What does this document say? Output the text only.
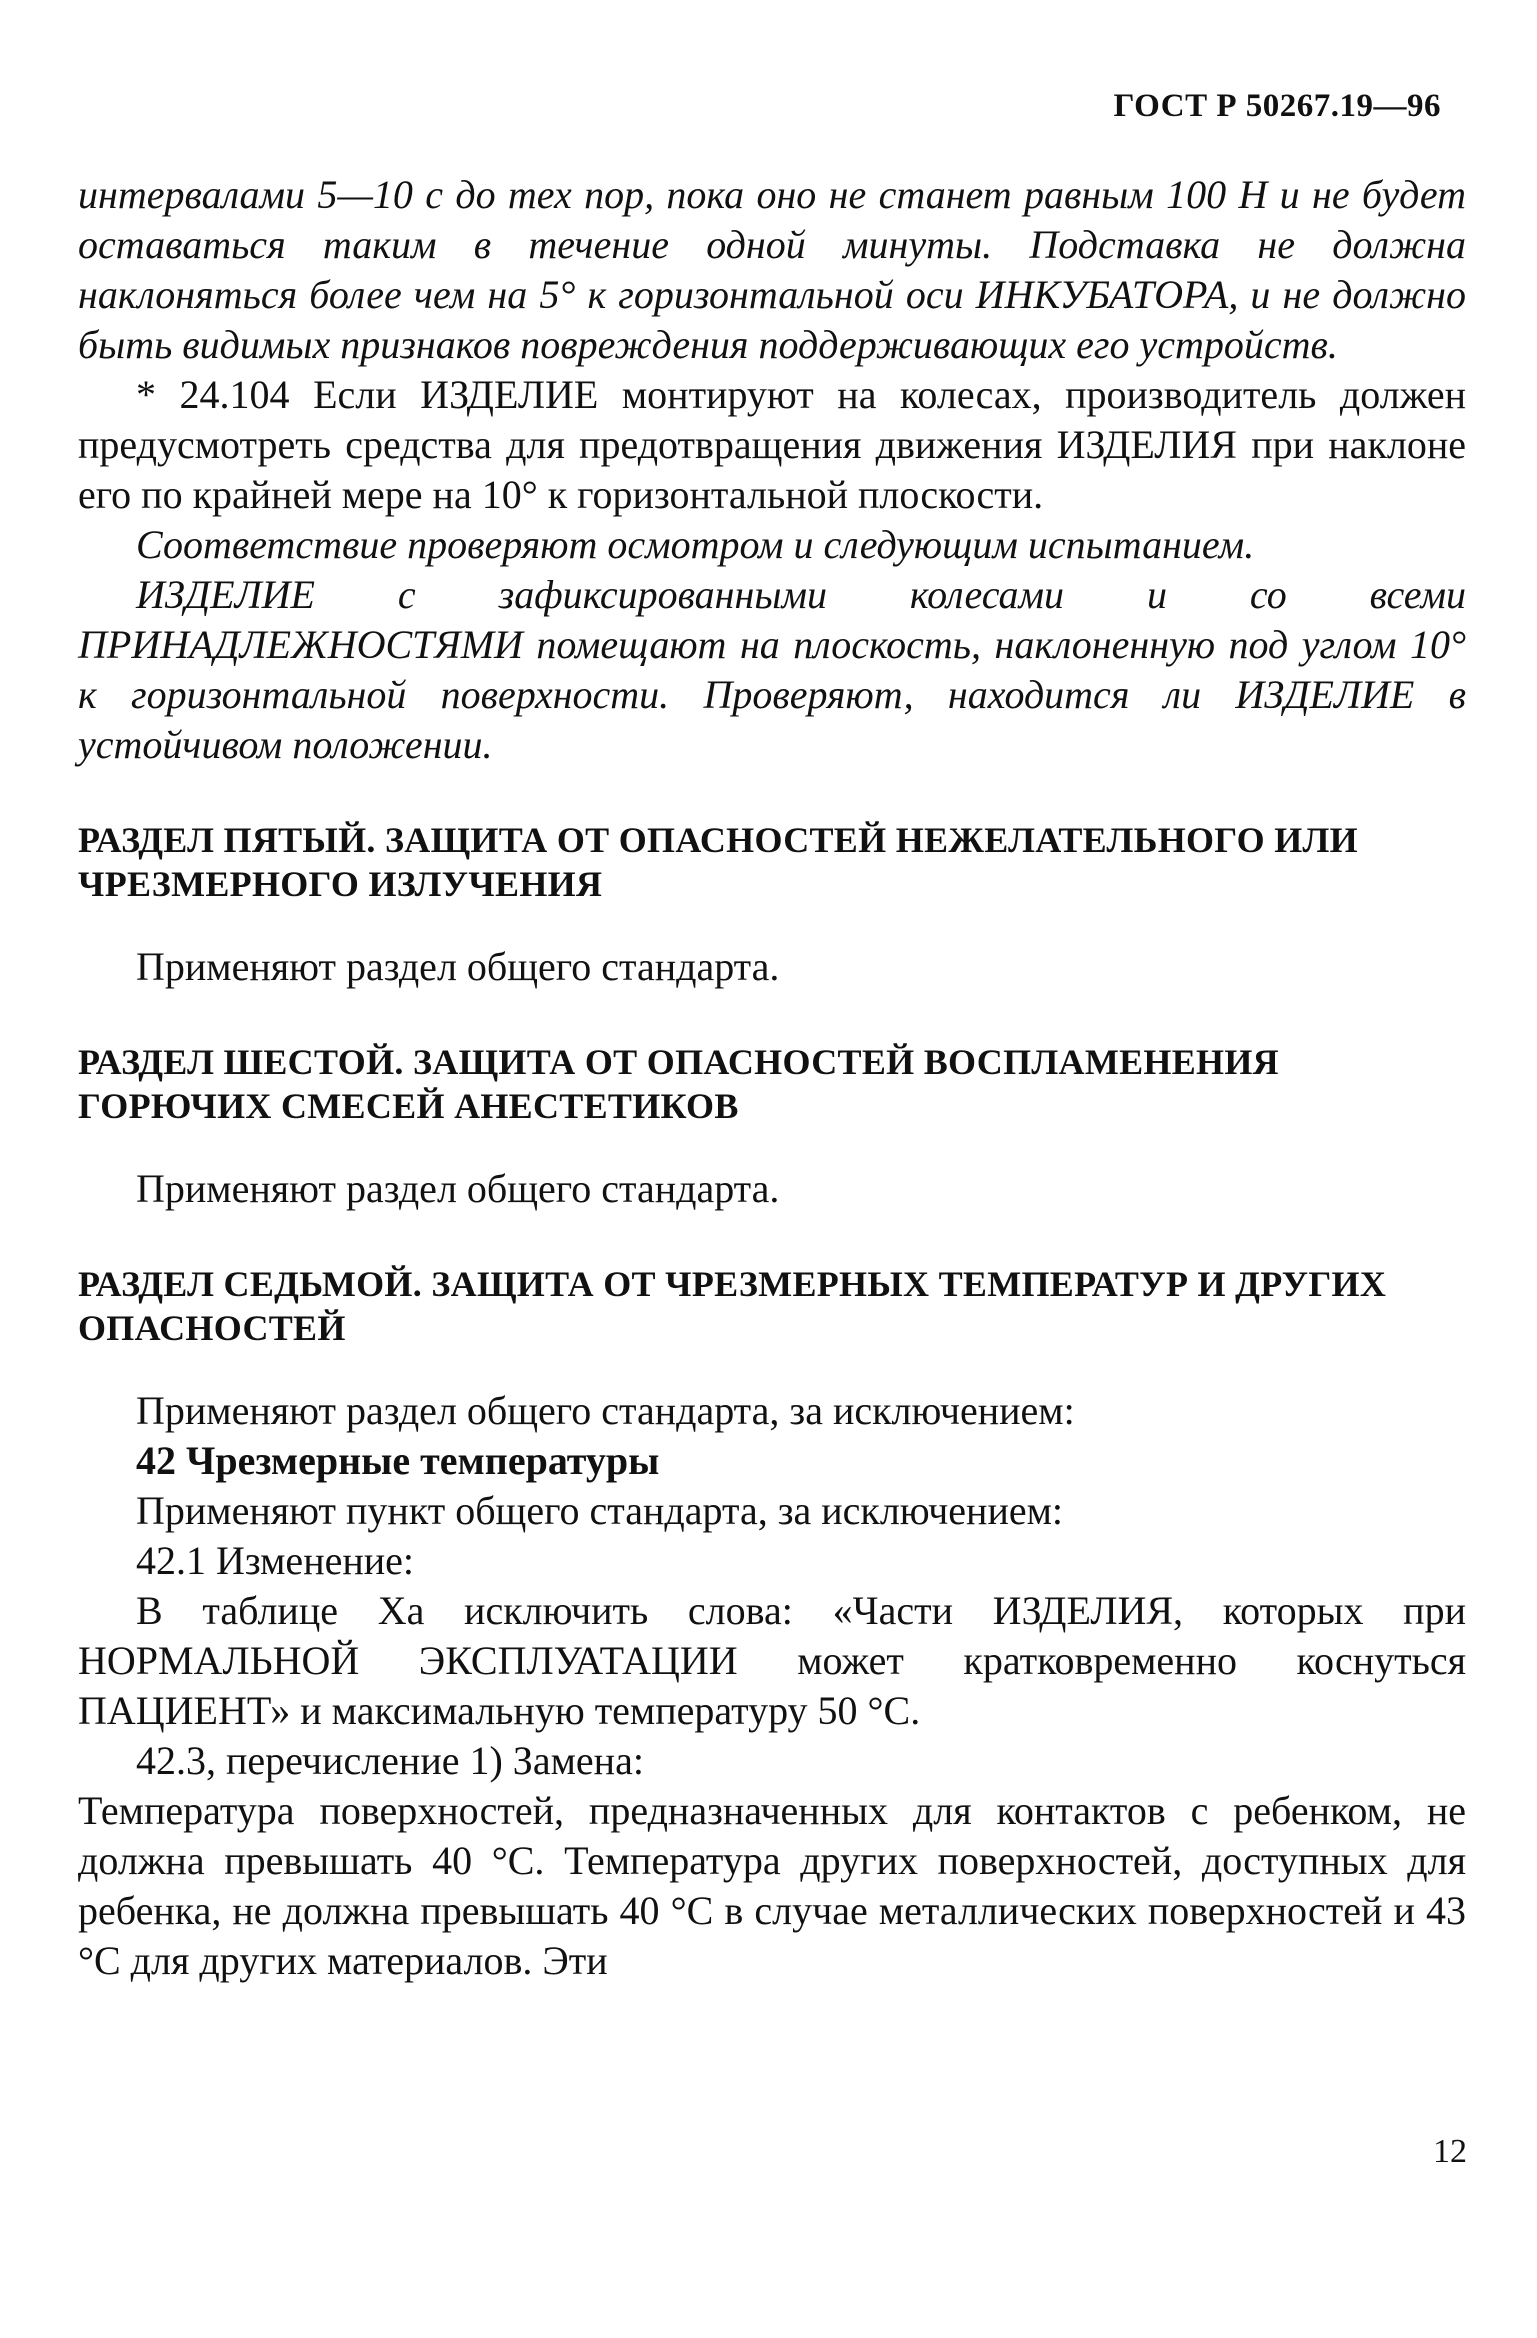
ГОСТ Р 50267.19—96

интервалами 5—10 с до тех пор, пока оно не станет равным 100 Н и не будет оставаться таким в течение одной минуты. Подставка не должна наклоняться более чем на 5° к горизонтальной оси ИНКУБАТОРА, и не должно быть видимых признаков повреждения поддерживающих его устройств.

* 24.104 Если ИЗДЕЛИЕ монтируют на колесах, производитель должен предусмотреть средства для предотвращения движения ИЗДЕЛИЯ при наклоне его по крайней мере на 10° к горизонтальной плоскости.

Соответствие проверяют осмотром и следующим испытанием.

ИЗДЕЛИЕ с зафиксированными колесами и со всеми ПРИНАДЛЕЖНОСТЯМИ помещают на плоскость, наклоненную под углом 10° к горизонтальной поверхности. Проверяют, находится ли ИЗДЕЛИЕ в устойчивом положении.

РАЗДЕЛ ПЯТЫЙ. ЗАЩИТА ОТ ОПАСНОСТЕЙ НЕЖЕЛАТЕЛЬНОГО ИЛИ ЧРЕЗМЕРНОГО ИЗЛУЧЕНИЯ

Применяют раздел общего стандарта.

РАЗДЕЛ ШЕСТОЙ. ЗАЩИТА ОТ ОПАСНОСТЕЙ ВОСПЛАМЕНЕНИЯ ГОРЮЧИХ СМЕСЕЙ АНЕСТЕТИКОВ

Применяют раздел общего стандарта.

РАЗДЕЛ СЕДЬМОЙ. ЗАЩИТА ОТ ЧРЕЗМЕРНЫХ ТЕМПЕРАТУР И ДРУГИХ ОПАСНОСТЕЙ

Применяют раздел общего стандарта, за исключением:

42 Чрезмерные температуры

Применяют пункт общего стандарта, за исключением:

42.1 Изменение:

В таблице Ха исключить слова: «Части ИЗДЕЛИЯ, которых при НОРМАЛЬНОЙ ЭКСПЛУАТАЦИИ может кратковременно коснуться ПАЦИЕНТ» и максимальную температуру 50 °С.

42.3, перечисление 1) Замена:

Температура поверхностей, предназначенных для контактов с ребенком, не должна превышать 40 °С. Температура других поверхностей, доступных для ребенка, не должна превышать 40 °С в случае металлических поверхностей и 43 °С для других материалов. Эти

12
